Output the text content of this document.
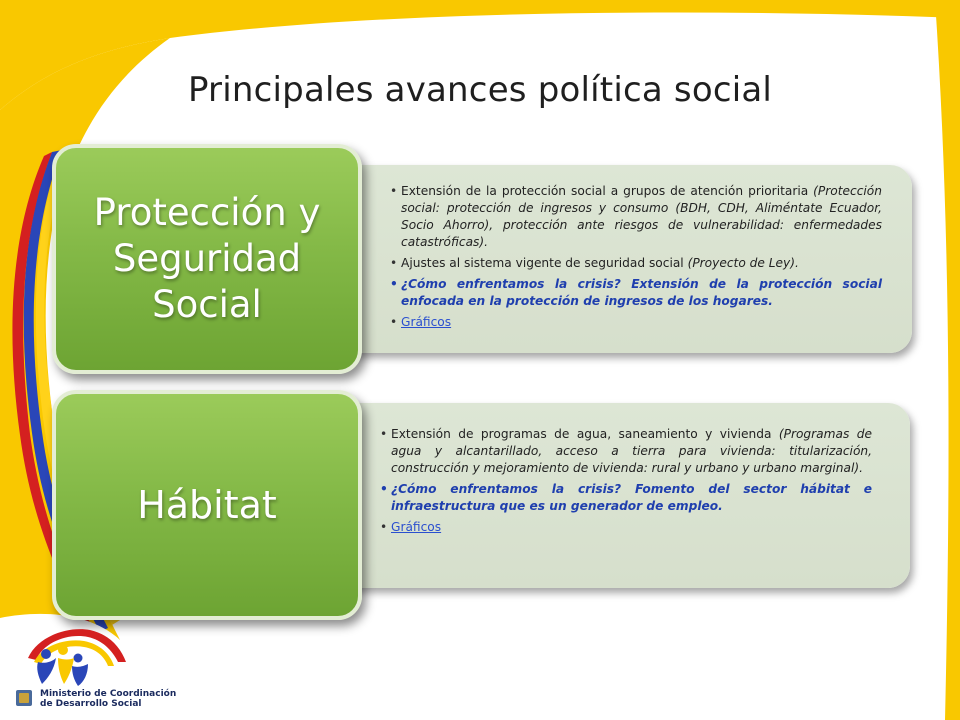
Principales avances política social
• Extensión de la protección social a grupos de atención prioritaria (Protección social: protección de ingresos y consumo (BDH, CDH, Aliméntate Ecuador, Socio Ahorro), protección ante riesgos de vulnerabilidad: enfermedades catastróficas).
• Ajustes al sistema vigente de seguridad social (Proyecto de Ley).
• ¿Cómo enfrentamos la crisis? Extensión de la protección social enfocada en la protección de ingresos de los hogares.
• Gráficos
Protección y
Seguridad
Social
• Extensión de programas de agua, saneamiento y vivienda (Programas de agua y alcantarillado, acceso a tierra para vivienda: titularización, construcción y mejoramiento de vivienda: rural y urbano y urbano marginal).
• ¿Cómo enfrentamos la crisis? Fomento del sector hábitat e infraestructura que es un generador de empleo.
• Gráficos
Hábitat
Ministerio de Coordinación
de Desarrollo Social
